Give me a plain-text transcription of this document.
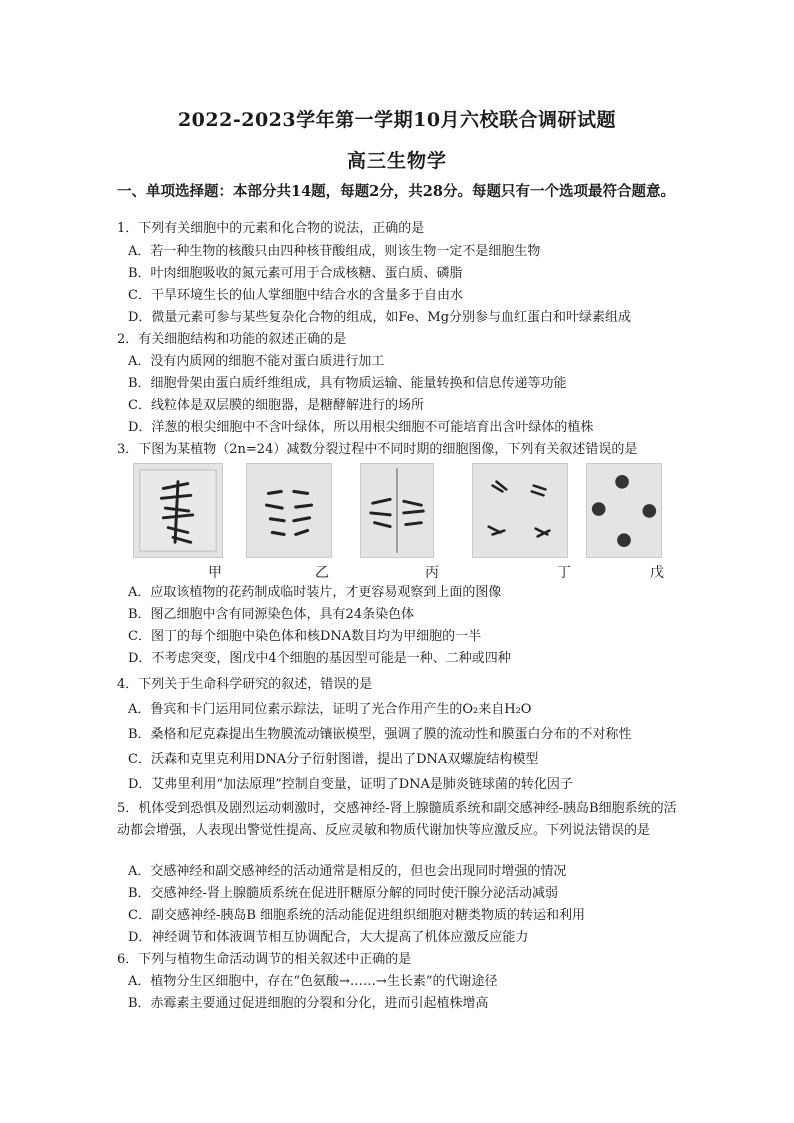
2022-2023学年第一学期10月六校联合调研试题
高三生物学
一、单项选择题：本部分共14题，每题2分，共28分。每题只有一个选项最符合题意。
1．下列有关细胞中的元素和化合物的说法，正确的是
A．若一种生物的核酸只由四种核苷酸组成，则该生物一定不是细胞生物
B．叶肉细胞吸收的氮元素可用于合成核糖、蛋白质、磷脂
C．干旱环境生长的仙人掌细胞中结合水的含量多于自由水
D．微量元素可参与某些复杂化合物的组成，如Fe、Mg分别参与血红蛋白和叶绿素组成
2．有关细胞结构和功能的叙述正确的是
A．没有内质网的细胞不能对蛋白质进行加工
B．细胞骨架由蛋白质纤维组成，具有物质运输、能量转换和信息传递等功能
C．线粒体是双层膜的细胞器，是糖酵解进行的场所
D．洋葱的根尖细胞中不含叶绿体，所以用根尖细胞不可能培育出含叶绿体的植株
3．下图为某植物（2n=24）减数分裂过程中不同时期的细胞图像，下列有关叙述错误的是
甲	乙	丙	丁	戊
A．应取该植物的花药制成临时装片，才更容易观察到上面的图像
B．图乙细胞中含有同源染色体，具有24条染色体
C．图丁的每个细胞中染色体和核DNA数目均为甲细胞的一半
D．不考虑突变，图戊中4个细胞的基因型可能是一种、二种或四种
4．下列关于生命科学研究的叙述，错误的是
A．鲁宾和卡门运用同位素示踪法，证明了光合作用产生的O₂来自H₂O
B．桑格和尼克森提出生物膜流动镶嵌模型，强调了膜的流动性和膜蛋白分布的不对称性
C．沃森和克里克利用DNA分子衍射图谱，提出了DNA双螺旋结构模型
D．艾弗里利用“加法原理”控制自变量，证明了DNA是肺炎链球菌的转化因子
5．机体受到恐惧及剧烈运动刺激时，交感神经-肾上腺髓质系统和副交感神经-胰岛B细胞系统的活动都会增强，人表现出警觉性提高、反应灵敏和物质代谢加快等应激反应。下列说法错误的是
A．交感神经和副交感神经的活动通常是相反的，但也会出现同时增强的情况
B．交感神经-肾上腺髓质系统在促进肝糖原分解的同时使汗腺分泌活动减弱
C．副交感神经-胰岛B 细胞系统的活动能促进组织细胞对糖类物质的转运和利用
D．神经调节和体液调节相互协调配合，大大提高了机体应激反应能力
6．下列与植物生命活动调节的相关叙述中正确的是
A．植物分生区细胞中，存在“色氨酸→……→生长素”的代谢途径
B．赤霉素主要通过促进细胞的分裂和分化，进而引起植株增高
